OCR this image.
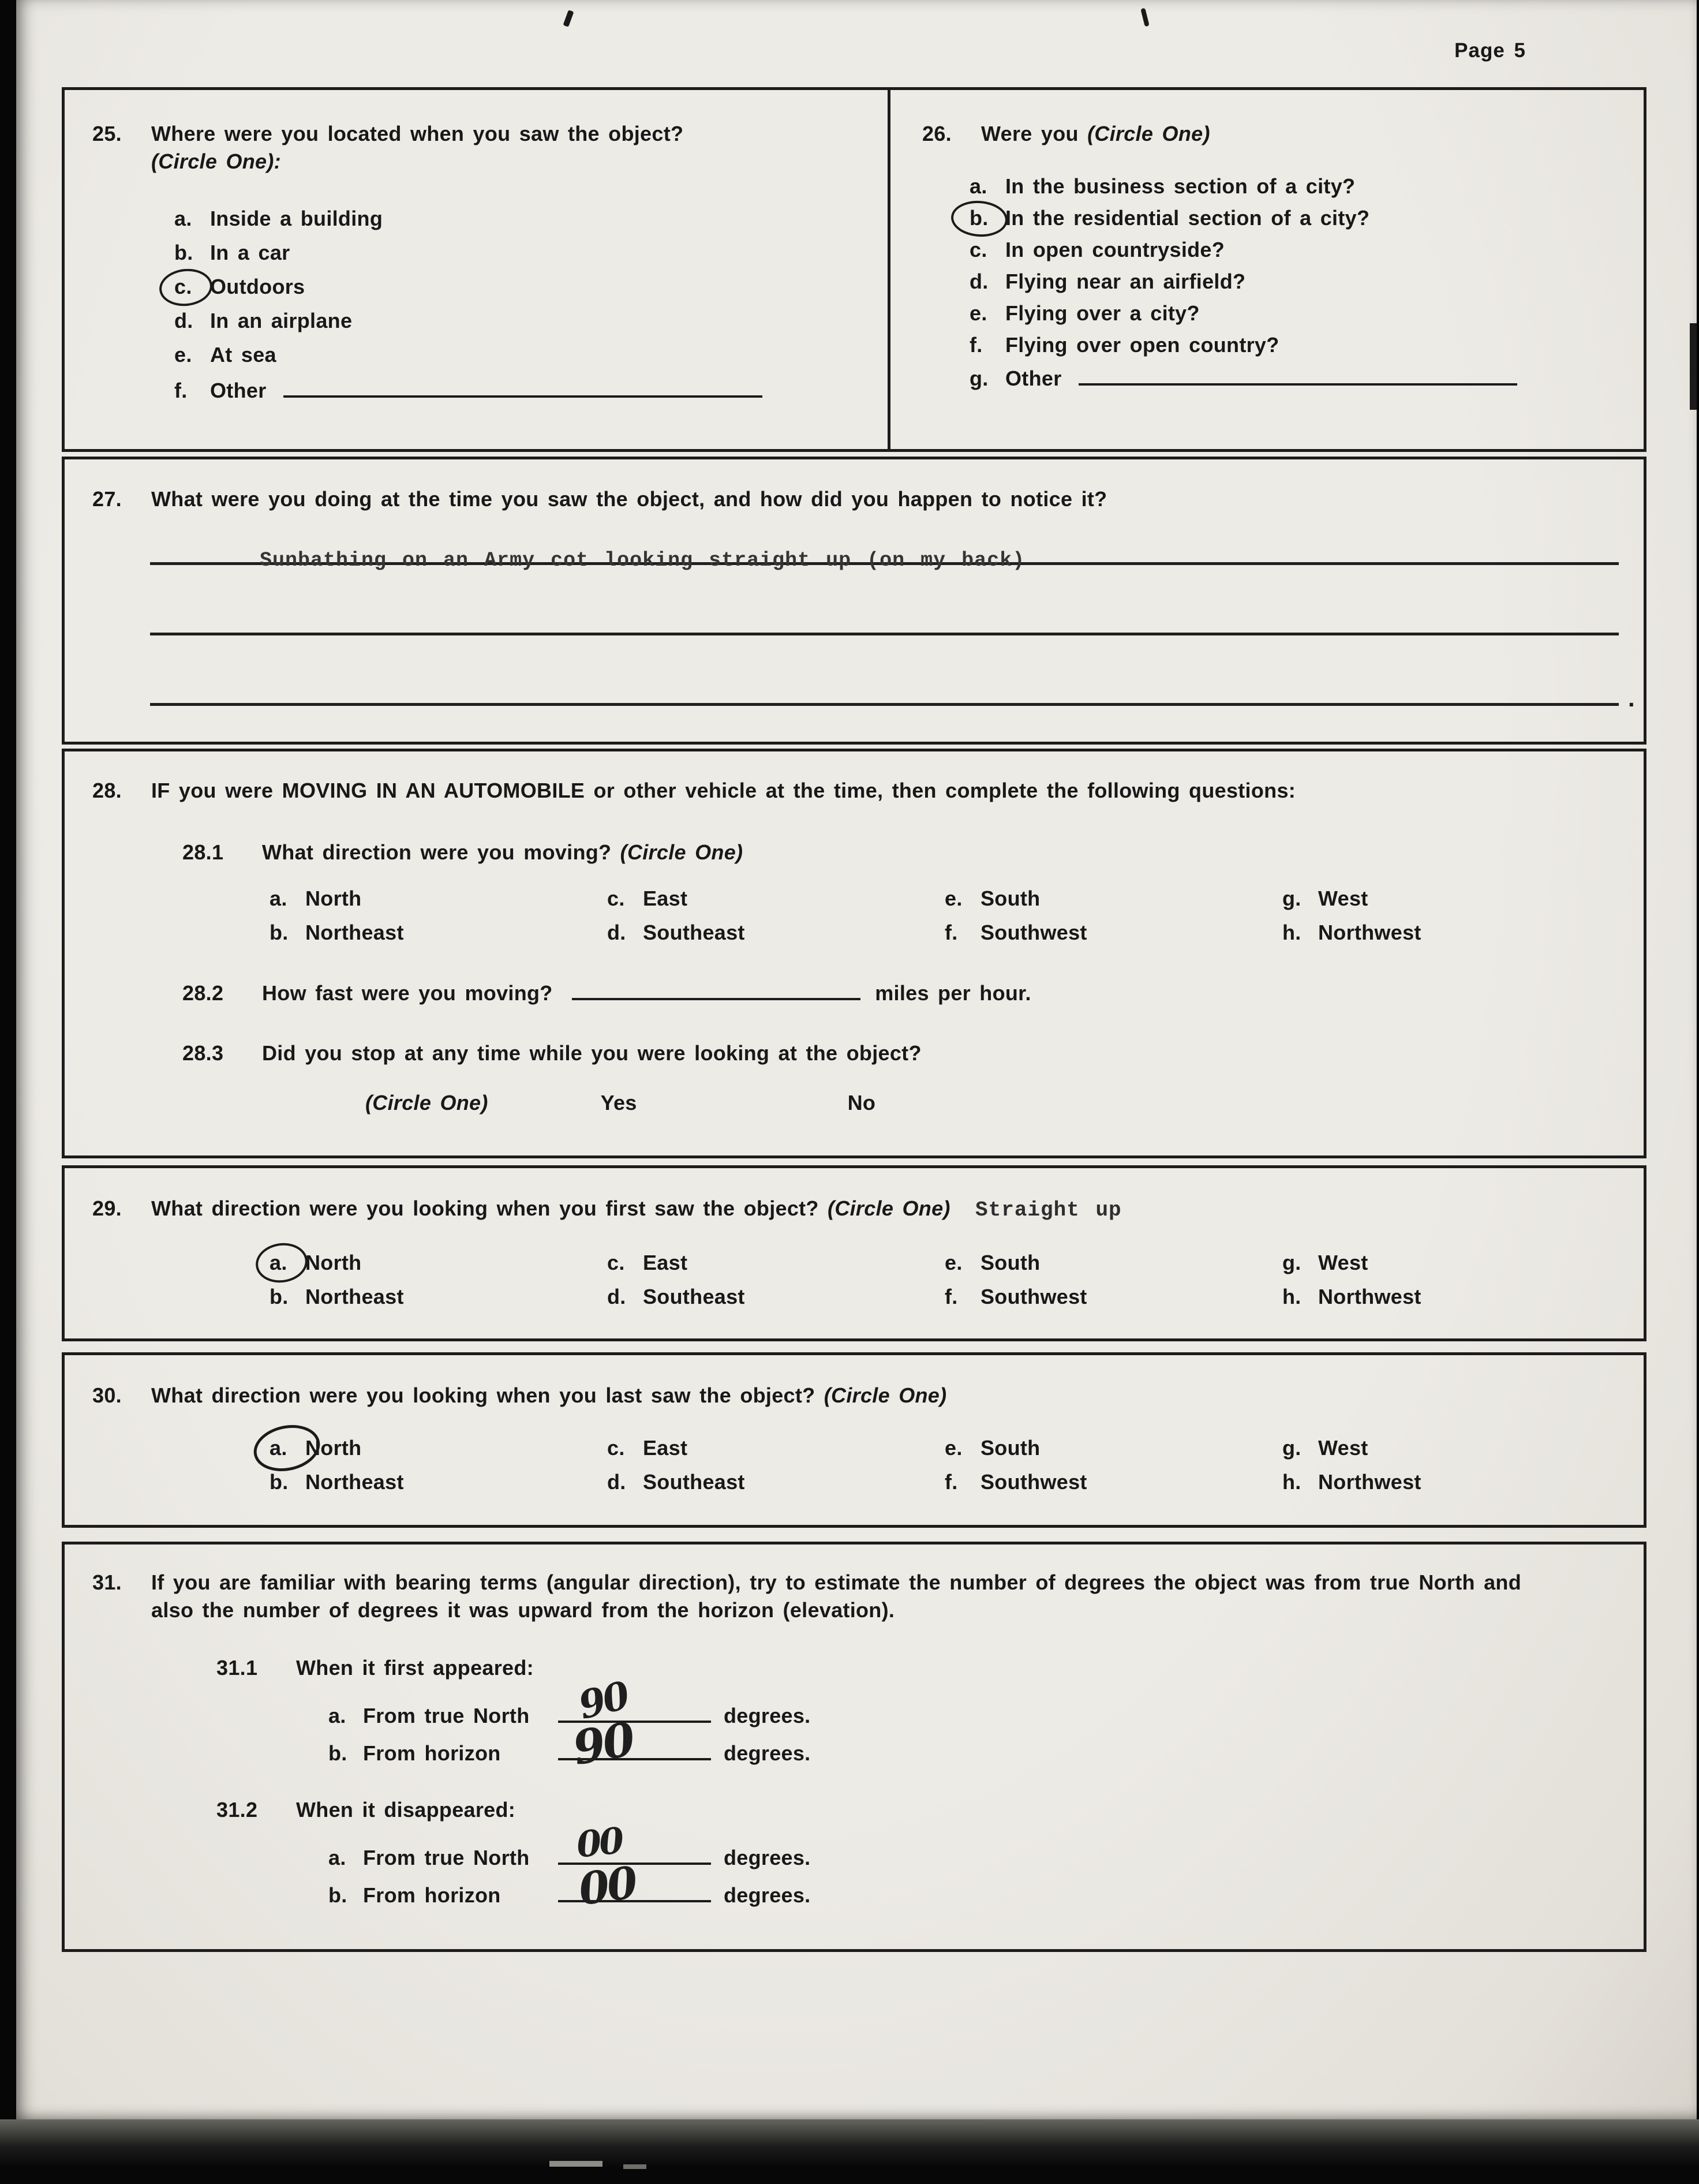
Page 5
25.	Where were you located when you saw the object?
(Circle One):
a. Inside a building
b. In a car
c. Outdoors
d. In an airplane
e. At sea
f.	Other
26.	Were you (Circle One)
a. In the business section of a city?
b. In the residential section of a city?
c. In open countryside?
d. Flying near an airfield?
e. Flying over a city?
f.	Flying over open country?
g. Other
27.	What were you doing at the time you saw the object, and how did you happen to notice it?
Sunbathing on an Army cot looking straight up (on my back)
.
28.	IF you were MOVING IN AN AUTOMOBILE or other vehicle at the time, then complete the following questions:
28.1	What direction were you moving? (Circle One)
a. North	c. East	e. South	g. West
b. Northeast	d. Southeast	f.	Southwest	h. Northwest
28.2	How fast were you moving?	miles per hour.
28.3	Did you stop at any time while you were looking at the object?
(Circle One)	Yes	No
29.	What direction were you looking when you first saw the object? (Circle One) Straight up
a. North	c. East	e. South	g. West
b. Northeast	d. Southeast	f.	Southwest	h. Northwest
30.	What direction were you looking when you last saw the object? (Circle One)
a. North	c. East	e. South	g. West
b. Northeast	d. Southeast	f.	Southwest	h. Northwest
31.	If you are familiar with bearing terms (angular direction), try to estimate the number of degrees the object was from true North and also the number of degrees it was upward from the horizon (elevation).
31.1	When it first appeared:
a. From true North	90	degrees.
b. From horizon	90	degrees.
31.2	When it disappeared:
a. From true North	00	degrees.
b. From horizon	00	degrees.
